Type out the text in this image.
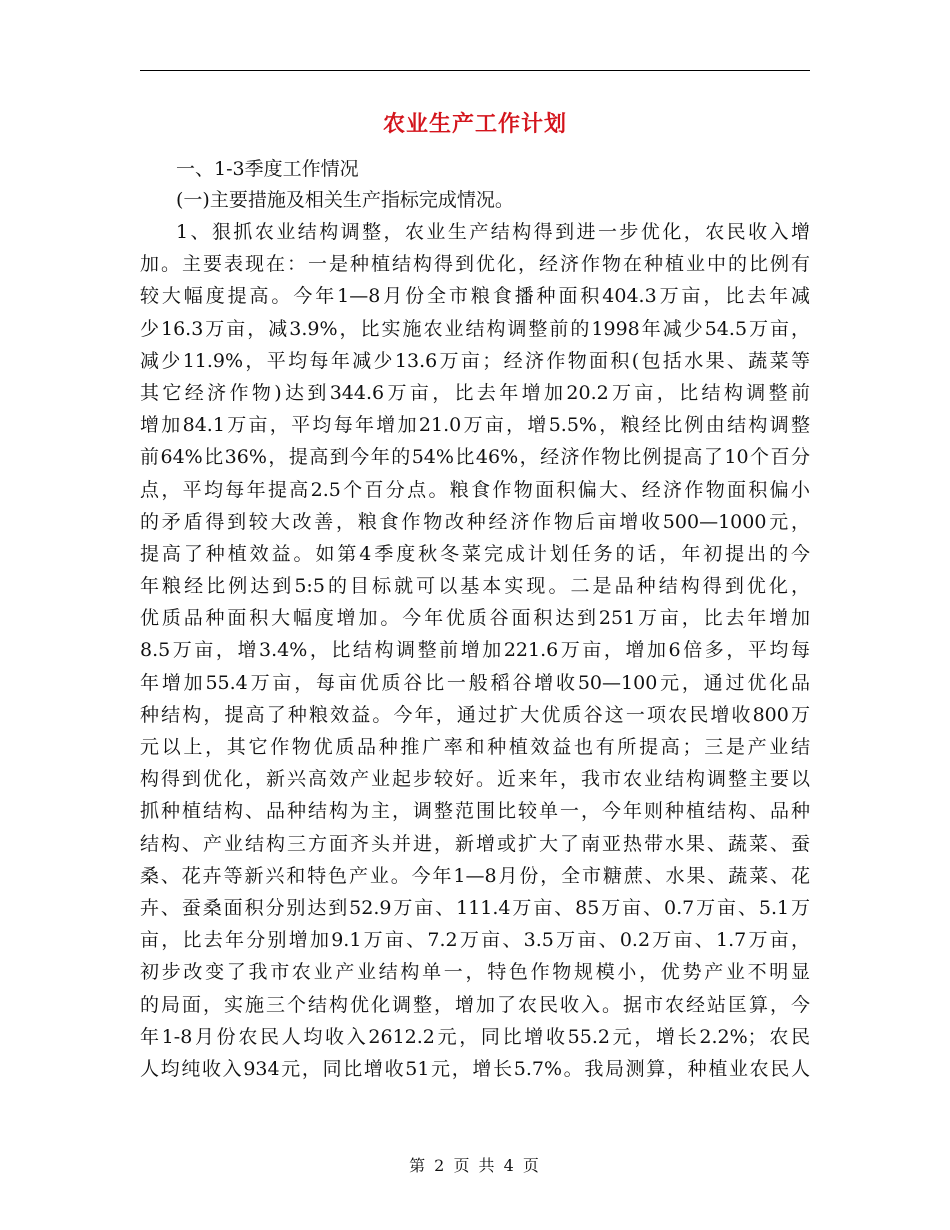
农业生产工作计划
一、1-3季度工作情况
(一)主要措施及相关生产指标完成情况。
1、狠抓农业结构调整，农业生产结构得到进一步优化，农民收入增
加。主要表现在：一是种植结构得到优化，经济作物在种植业中的比例有
较大幅度提高。今年1—8月份全市粮食播种面积404.3万亩，比去年减
少16.3万亩，减3.9%，比实施农业结构调整前的1998年减少54.5万亩，
减少11.9%，平均每年减少13.6万亩；经济作物面积(包括水果、蔬菜等
其它经济作物)达到344.6万亩，比去年增加20.2万亩，比结构调整前
增加84.1万亩，平均每年增加21.0万亩，增5.5%，粮经比例由结构调整
前64%比36%，提高到今年的54%比46%，经济作物比例提高了10个百分
点，平均每年提高2.5个百分点。粮食作物面积偏大、经济作物面积偏小
的矛盾得到较大改善，粮食作物改种经济作物后亩增收500—1000元，
提高了种植效益。如第4季度秋冬菜完成计划任务的话，年初提出的今
年粮经比例达到5:5的目标就可以基本实现。二是品种结构得到优化，
优质品种面积大幅度增加。今年优质谷面积达到251万亩，比去年增加
8.5万亩，增3.4%，比结构调整前增加221.6万亩，增加6倍多，平均每
年增加55.4万亩，每亩优质谷比一般稻谷增收50—100元，通过优化品
种结构，提高了种粮效益。今年，通过扩大优质谷这一项农民增收800万
元以上，其它作物优质品种推广率和种植效益也有所提高；三是产业结
构得到优化，新兴高效产业起步较好。近来年，我市农业结构调整主要以
抓种植结构、品种结构为主，调整范围比较单一，今年则种植结构、品种
结构、产业结构三方面齐头并进，新增或扩大了南亚热带水果、蔬菜、蚕
桑、花卉等新兴和特色产业。今年1—8月份，全市糖蔗、水果、蔬菜、花
卉、蚕桑面积分别达到52.9万亩、111.4万亩、85万亩、0.7万亩、5.1万
亩，比去年分别增加9.1万亩、7.2万亩、3.5万亩、0.2万亩、1.7万亩，
初步改变了我市农业产业结构单一，特色作物规模小，优势产业不明显
的局面，实施三个结构优化调整，增加了农民收入。据市农经站匡算，今
年1-8月份农民人均收入2612.2元，同比增收55.2元，增长2.2%；农民
人均纯收入934元，同比增收51元，增长5.7%。我局测算，种植业农民人
第 2 页 共 4 页
